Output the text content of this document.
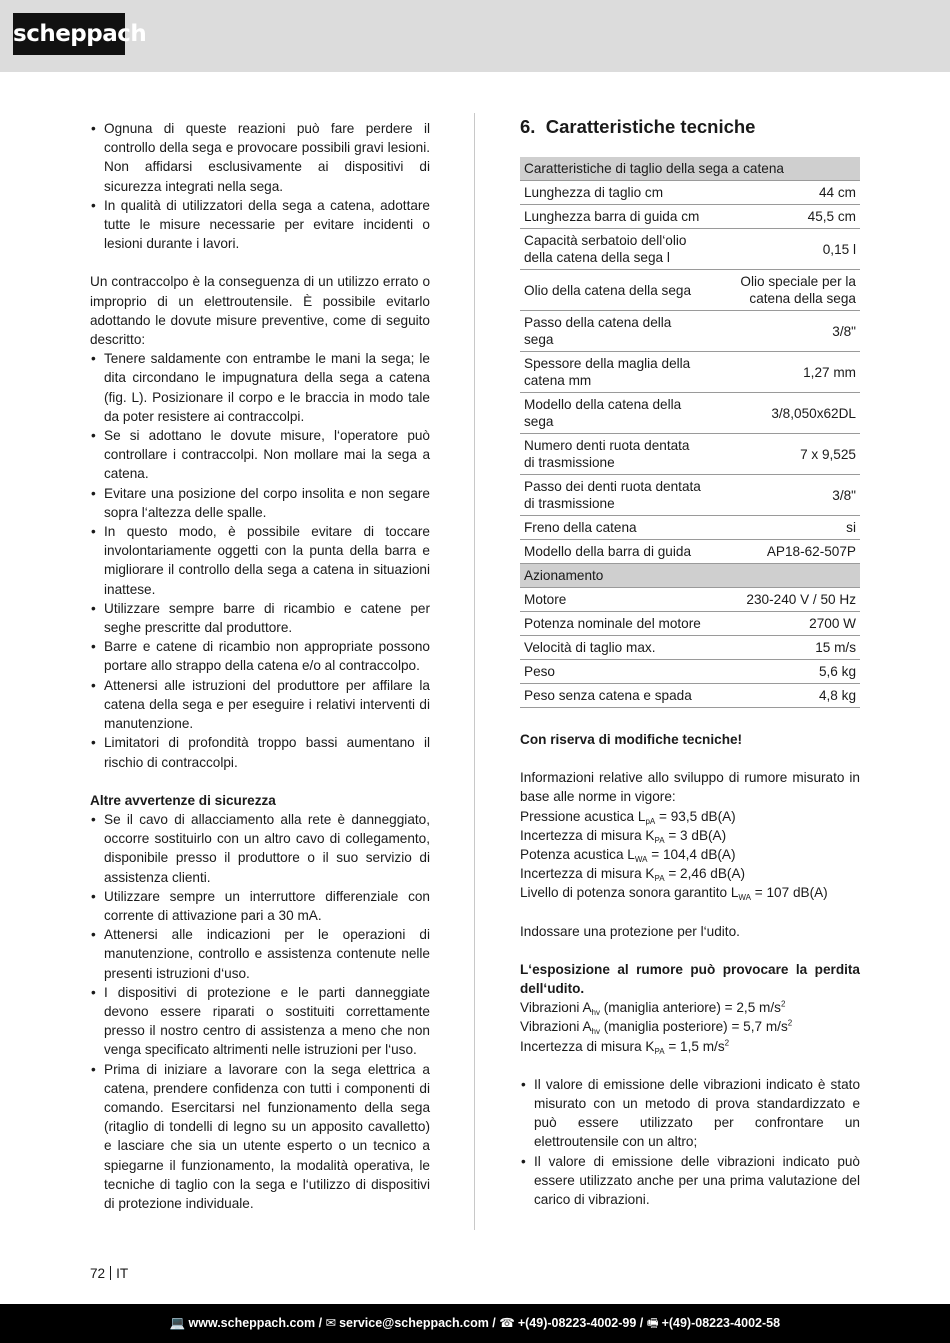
scheppach
• Ognuna di queste reazioni può fare perdere il controllo della sega e provocare possibili gravi lesioni. Non affidarsi esclusivamente ai dispositivi di sicurezza integrati nella sega.
• In qualità di utilizzatori della sega a catena, adottare tutte le misure necessarie per evitare incidenti o lesioni durante i lavori.

Un contraccolpo è la conseguenza di un utilizzo errato o improprio di un elettroutensile. È possibile evitarlo adottando le dovute misure preventive, come di seguito descritto:

• Tenere saldamente con entrambe le mani la sega; le dita circondano le impugnatura della sega a catena (fig. L). Posizionare il corpo e le braccia in modo tale da poter resistere ai contraccolpi.
• Se si adottano le dovute misure, l‘operatore può controllare i contraccolpi. Non mollare mai la sega a catena.
• Evitare una posizione del corpo insolita e non segare sopra l‘altezza delle spalle.
• In questo modo, è possibile evitare di toccare involontariamente oggetti con la punta della barra e migliorare il controllo della sega a catena in situazioni inattese.
• Utilizzare sempre barre di ricambio e catene per seghe prescritte dal produttore.
• Barre e catene di ricambio non appropriate possono portare allo strappo della catena e/o al contraccolpo.
• Attenersi alle istruzioni del produttore per affilare la catena della sega e per eseguire i relativi interventi di manutenzione.
• Limitatori di profondità troppo bassi aumentano il rischio di contraccolpi.

Altre avvertenze di sicurezza

• Se il cavo di allacciamento alla rete è danneggiato, occorre sostituirlo con un altro cavo di collegamento, disponibile presso il produttore o il suo servizio di assistenza clienti.
• Utilizzare sempre un interruttore differenziale con corrente di attivazione pari a 30 mA.
• Attenersi alle indicazioni per le operazioni di manutenzione, controllo e assistenza contenute nelle presenti istruzioni d‘uso.
• I dispositivi di protezione e le parti danneggiate devono essere riparati o sostituiti correttamente presso il nostro centro di assistenza a meno che non venga specificato altrimenti nelle istruzioni per l‘uso.
• Prima di iniziare a lavorare con la sega elettrica a catena, prendere confidenza con tutti i componenti di comando. Esercitarsi nel funzionamento della sega (ritaglio di tondelli di legno su un apposito cavalletto) e lasciare che sia un utente esperto o un tecnico a spiegarne il funzionamento, la modalità operativa, le tecniche di taglio con la sega e l‘utilizzo di dispositivi di protezione individuale.
6. Caratteristiche tecniche
Caratteristiche di taglio della sega a catena	
Lunghezza di taglio cm	44 cm
Lunghezza barra di guida cm	45,5 cm
Capacità serbatoio dell‘olio della catena della sega l	0,15 l
Olio della catena della sega	Olio speciale per la catena della sega
Passo della catena della sega	3/8"
Spessore della maglia della catena mm	1,27 mm
Modello della catena della sega	3/8,050x62DL
Numero denti ruota dentata di trasmissione	7 x 9,525
Passo dei denti ruota dentata di trasmissione	3/8"
Freno della catena	si
Modello della barra di guida	AP18-62-507P
Azionamento	
Motore	230-240 V / 50 Hz
Potenza nominale del motore	2700 W
Velocità di taglio max.	15 m/s
Peso	5,6 kg
Peso senza catena e spada	4,8 kg

Con riserva di modifiche tecniche!

Informazioni relative allo sviluppo di rumore misurato in base alle norme in vigore:

Pressione acustica $L_{pA} = 93,5$ dB(A)
Incertezza di misura $K_{PA} = 3$ dB(A)
Potenza acustica $L_{WA} = 104,4$ dB(A)
Incertezza di misura $K_{PA} = 2,46$ dB(A)
Livello di potenza sonora garantito $L_{WA} = 107$ dB(A)

Indossare una protezione per l‘udito.

L‘esposizione al rumore può provocare la perdita dell‘udito.

Vibrazioni $A_{hv}$ (maniglia anteriore) = 2,5 $m/s^2$
Vibrazioni $A_{hv}$ (maniglia posteriore) = 5,7 $m/s^2$
Incertezza di misura $K_{PA} = 1,5$ $m/s^2$
• Il valore di emissione delle vibrazioni indicato è stato misurato con un metodo di prova standardizzato e può essere utilizzato per confrontare un elettroutensile con un altro;
• Il valore di emissione delle vibrazioni indicato può essere utilizzato anche per una prima valutazione del carico di vibrazioni.
72 IT
💻 www.scheppach.com / ✉ service@scheppach.com / ☎ +(49)-08223-4002-99 / 🖷 +(49)-08223-4002-58
